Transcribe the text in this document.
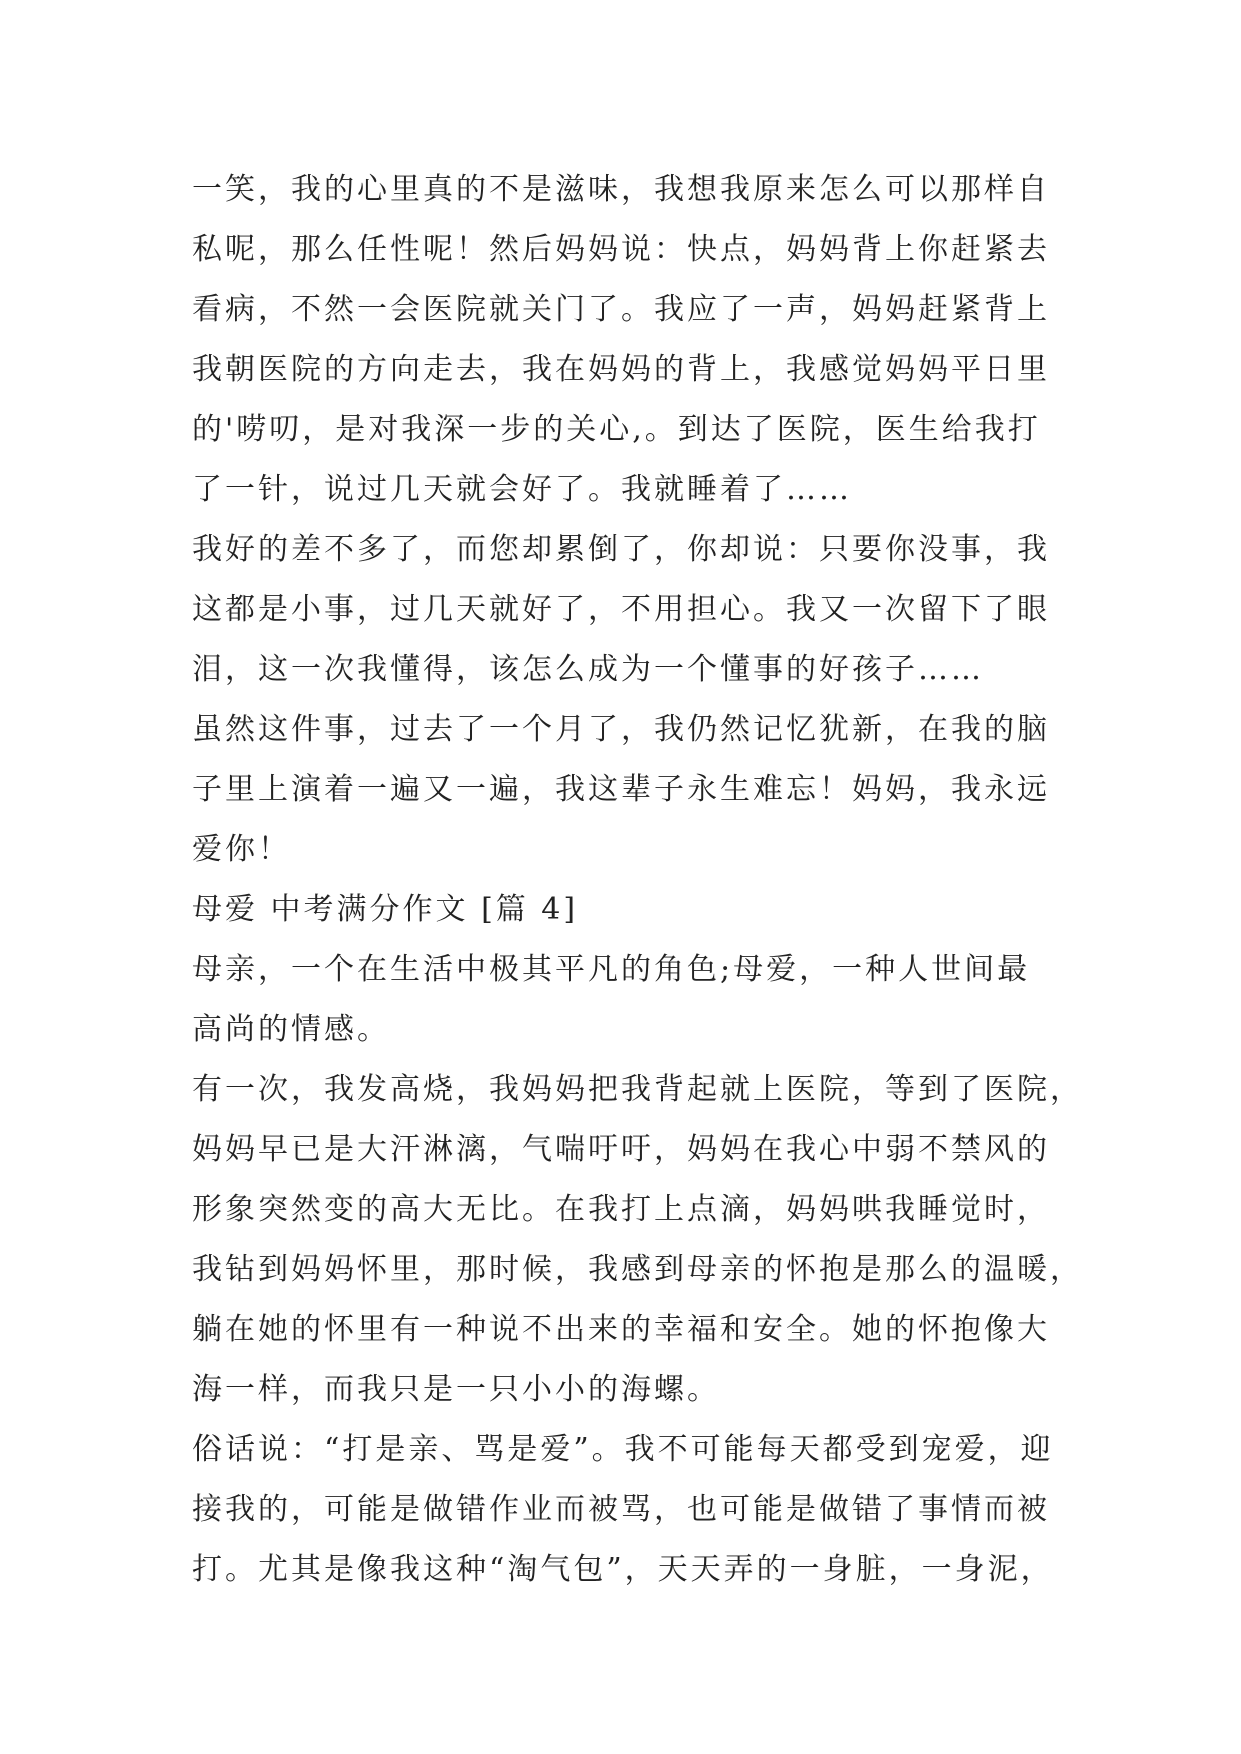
一笑，我的心里真的不是滋味，我想我原来怎么可以那样自
私呢，那么任性呢！然后妈妈说：快点，妈妈背上你赶紧去
看病，不然一会医院就关门了。我应了一声，妈妈赶紧背上
我朝医院的方向走去，我在妈妈的背上，我感觉妈妈平日里
的'唠叨，是对我深一步的关心,。到达了医院，医生给我打
了一针，说过几天就会好了。我就睡着了……
我好的差不多了，而您却累倒了，你却说：只要你没事，我
这都是小事，过几天就好了，不用担心。我又一次留下了眼
泪，这一次我懂得，该怎么成为一个懂事的好孩子……
虽然这件事，过去了一个月了，我仍然记忆犹新，在我的脑
子里上演着一遍又一遍，我这辈子永生难忘！妈妈，我永远
爱你！
母爱 中考满分作文 [篇 4]
母亲，一个在生活中极其平凡的角色;母爱，一种人世间最
高尚的情感。
有一次，我发高烧，我妈妈把我背起就上医院，等到了医院，
妈妈早已是大汗淋漓，气喘吁吁，妈妈在我心中弱不禁风的
形象突然变的高大无比。在我打上点滴，妈妈哄我睡觉时，
我钻到妈妈怀里，那时候，我感到母亲的怀抱是那么的温暖，
躺在她的怀里有一种说不出来的幸福和安全。她的怀抱像大
海一样，而我只是一只小小的海螺。
俗话说：“打是亲、骂是爱”。我不可能每天都受到宠爱，迎
接我的，可能是做错作业而被骂，也可能是做错了事情而被
打。尤其是像我这种“淘气包”，天天弄的一身脏，一身泥，
